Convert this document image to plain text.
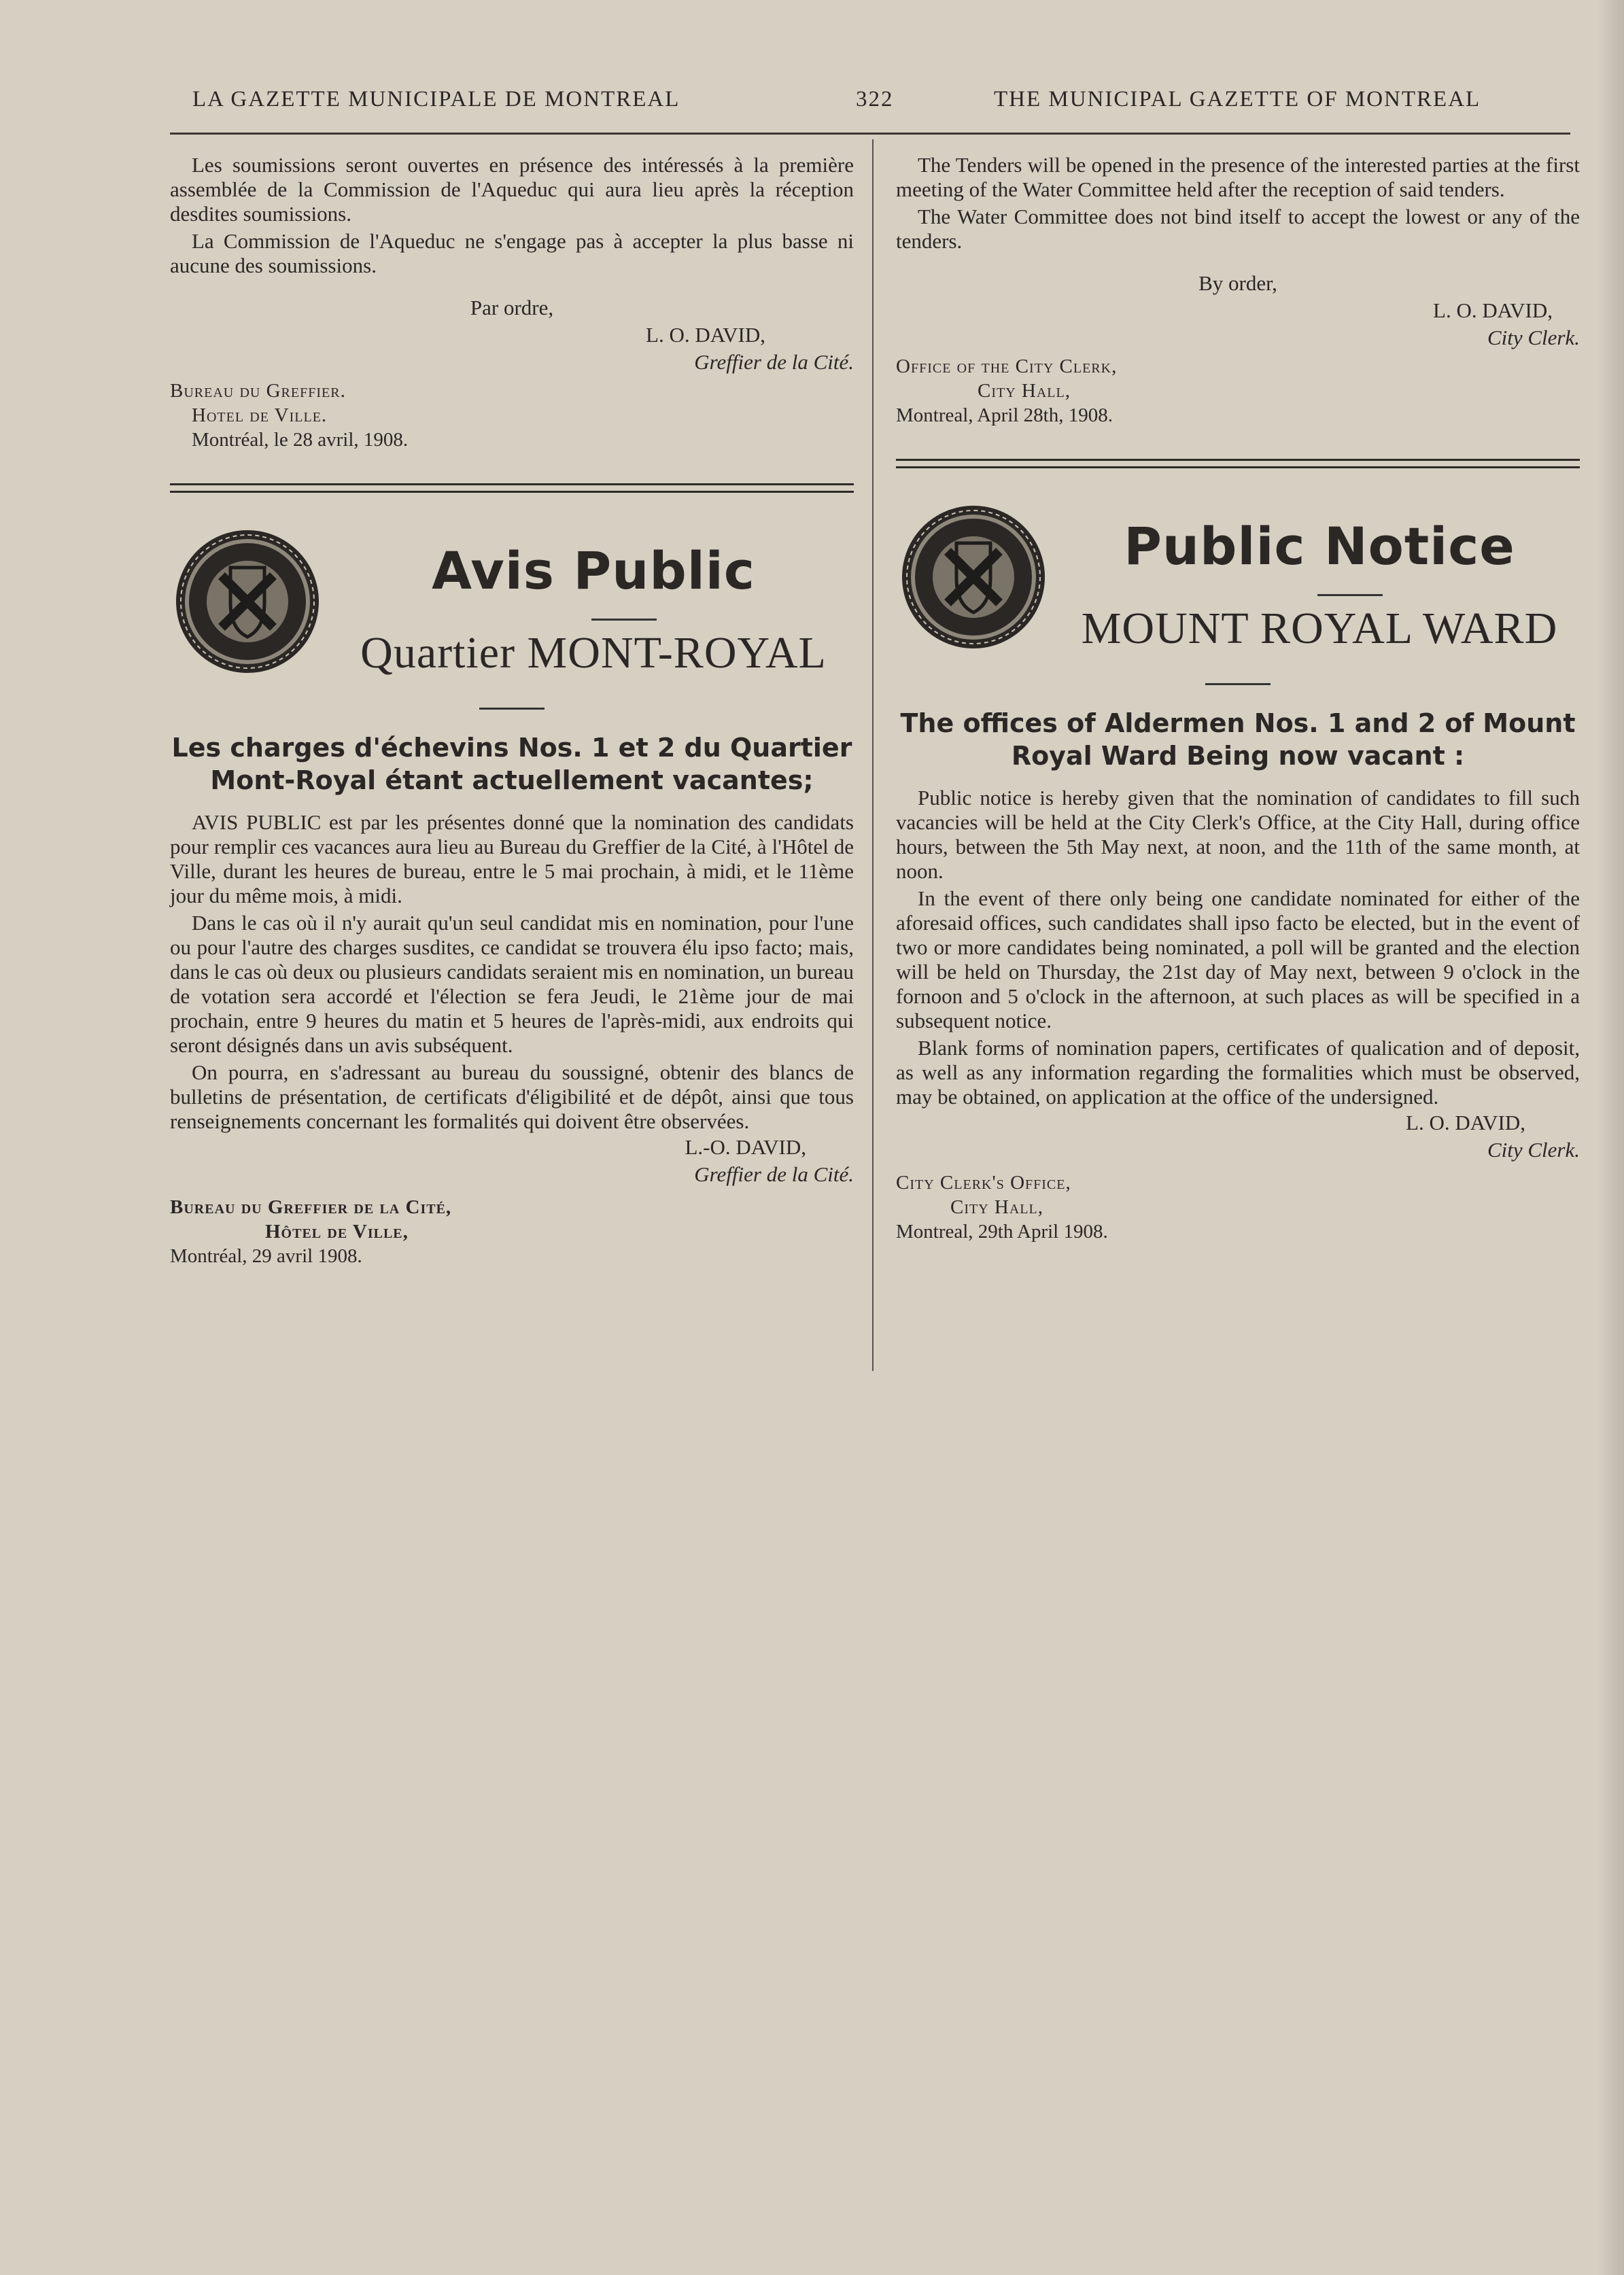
LA GAZETTE MUNICIPALE DE MONTREAL	322	THE MUNICIPAL GAZETTE OF MONTREAL

Les soumissions seront ouvertes en présence des intéressés à la première assemblée de la Commission de l'Aqueduc qui aura lieu après la réception desdites soumissions.

La Commission de l'Aqueduc ne s'engage pas à accepter la plus basse ni aucune des soumissions.

Par ordre,
L. O. DAVID,
Greffier de la Cité.
Bureau du Greffier.
Hotel de Ville.
Montréal, le 28 avril, 1908.
Avis Public
Quartier MONT-ROYAL
Les charges d'échevins Nos. 1 et 2 du Quartier Mont-Royal étant actuellement vacantes;

AVIS PUBLIC est par les présentes donné que la nomination des candidats pour remplir ces vacances aura lieu au Bureau du Greffier de la Cité, à l'Hôtel de Ville, durant les heures de bureau, entre le 5 mai prochain, à midi, et le 11ème jour du même mois, à midi.

Dans le cas où il n'y aurait qu'un seul candidat mis en nomination, pour l'une ou pour l'autre des charges susdites, ce candidat se trouvera élu ipso facto; mais, dans le cas où deux ou plusieurs candidats seraient mis en nomination, un bureau de votation sera accordé et l'élection se fera Jeudi, le 21ème jour de mai prochain, entre 9 heures du matin et 5 heures de l'après-midi, aux endroits qui seront désignés dans un avis subséquent.

On pourra, en s'adressant au bureau du soussigné, obtenir des blancs de bulletins de présentation, de certificats d'éligibilité et de dépôt, ainsi que tous renseignements concernant les formalités qui doivent être observées.

L.-O. DAVID,
Greffier de la Cité.
Bureau du Greffier de la Cité,
Hôtel de Ville,
Montréal, 29 avril 1908.

The Tenders will be opened in the presence of the interested parties at the first meeting of the Water Committee held after the reception of said tenders.

The Water Committee does not bind itself to accept the lowest or any of the tenders.

By order,
L. O. DAVID,
City Clerk.
Office of the City Clerk,
City Hall,
Montreal, April 28th, 1908.
Public Notice
MOUNT ROYAL WARD
The offices of Aldermen Nos. 1 and 2 of Mount Royal Ward Being now vacant :

Public notice is hereby given that the nomination of candidates to fill such vacancies will be held at the City Clerk's Office, at the City Hall, during office hours, between the 5th May next, at noon, and the 11th of the same month, at noon.

In the event of there only being one candidate nominated for either of the aforesaid offices, such candidates shall ipso facto be elected, but in the event of two or more candidates being nominated, a poll will be granted and the election will be held on Thursday, the 21st day of May next, between 9 o'clock in the fornoon and 5 o'clock in the afternoon, at such places as will be specified in a subsequent notice.

Blank forms of nomination papers, certificates of qualication and of deposit, as well as any information regarding the formalities which must be observed, may be obtained, on application at the office of the undersigned.

L. O. DAVID,
City Clerk.
City Clerk's Office,
City Hall,
Montreal, 29th April 1908.
